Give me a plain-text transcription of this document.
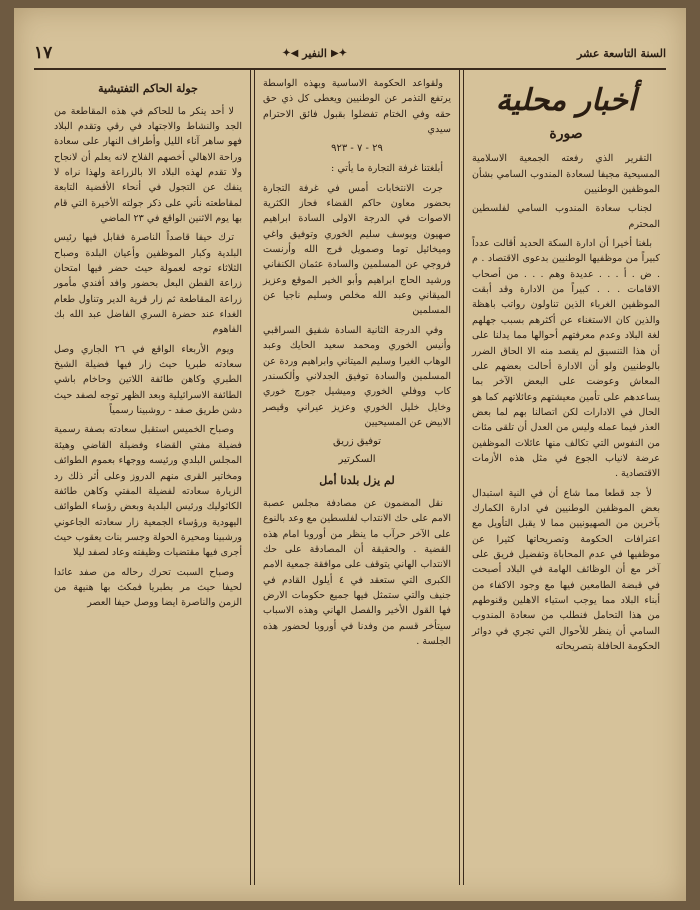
السنة التاسعة عشر
✦▶
النفير
◀✦
١٧
أخبار محلية
صورة

التقرير الذي رفعته الجمعية الاسلامية المسيحية مجيفا لسعادة المندوب السامي بشأن الموظفين الوطنيين

لجناب سعادة المندوب السامي لفلسطين المحترم

بلغنا أخيرا أن ادارة السكة الحديد أقالت عدداً كبيراً من موظفيها الوطنيين بدعوى الاقتصاد . م . ض . أ . . . عديدة وهم . . . من أصحاب الاقامات . . . كبيراً من الادارة وقد أبقت الموظفين الغرباء الذين تناولون رواتب باهظة والذين كان الاستغناء عن أكثرهم بسبب جهلهم لغة البلاد وعدم معرفتهم أحوالها مما يدلنا على أن هذا التنسيق لم يقصد منه الا الحاق الضرر بالوطنيين ولو أن الادارة أحالت بعضهم على المعاش وعوضت على البعض الآخر بما يساعدهم على تأمين معيشتهم وعائلاتهم كما هو الحال في الادارات لكن اتصالنا بهم لما بعض العذر فيما عمله وليس من العدل أن تلقى مئات من النفوس التي تكالف منها عائلات الموظفين عرضة لانياب الجوع في مثل هذه الأزمات الاقتصادية .

لأ جد قطعا مما شاع أن في النية استبدال بعض الموظفين الوطنيين في ادارة الكمارك بآخرين من الصهيونيين مما لا يقبل التأويل مع اعترافات الحكومة وتصريحاتها كثيرا عن موظفيها في عدم المحاباة وتفضيل فريق على آخر مع أن الوظائف الهامة في البلاد أصبحت في قبضة الطامعين فيها مع وجود الاكفاء من أبناء البلاد مما يوجب استياء الاهلين وقنوطهم من هذا التحامل فنطلب من سعادة المندوب السامي أن ينظر للأحوال التي تجري في دوائر الحكومة الحافلة بتصريحاته

ولقواعد الحكومة الاساسية وبهذه الواسطة يرتفع التذمر عن الوطنيين ويعطى كل ذي حق حقه وفي الختام تفضلوا بقبول فائق الاحترام سيدي

٢٩ - ٧ - ٩٢٣

أبلغتنا غرفة التجارة ما يأتي :

جرت الانتخابات أمس في غرفة التجارة بحضور معاون حاكم القضاء فحاز الكثرية الاصوات في الدرجة الاولى السادة ابراهيم صهيون ويوسف سليم الخوري وتوفيق واغي وميخائيل توما وصمويل فرج الله وأرنست فروجي عن المسلمين والسادة عثمان الكنفاني ورشيد الحاج ابراهيم وأبو الخير الموقع وعزيز الميقاني وعبد الله مخلص وسليم ناجيا عن المسلمين

وفي الدرجة الثانية السادة شفيق السراقبي وأنيس الخوري ومحمد سعيد الحايك وعبد الوهاب الغيرا وسليم الميتاني وابراهيم وردة عن المسلمين والسادة توفيق الجدلاني وألكسندر كاب ووفلي الخوري وميشيل جورج خوري وخايل خليل الخوري وعزيز عيراني وقيصر الابيض عن المسيحيين

توفيق زريق
السكرتير
لم يزل بلدنا أمل

نقل المضمون عن مصادفة مجلس عصبة الامم على حك الانتداب لفلسطين مع وعد بالنوع على الآخر حرآب ما ينظر من أوروبا امام هذه القضية . والحقيقة أن المصادقة على حك الانتداب الهاني يتوقف على موافقة جمعية الامم الكبرى التي ستعقد في ٤ أيلول القادم في جنيف والتي ستمثل فيها جميع حكومات الارض فها القول الأخير والفصل الهاني وهذه الاسباب سيتأخر قسم من وفدنا في أوروبا لحضور هذه الجلسة .

جولة الحاكم التفتيشية

لا أحد ينكر ما للحاكم في هذه المقاطعة من الجد والنشاط والاجتهاد في رقي وتقدم البلاد فهو ساهر آناء الليل وأطراف النهار على سعادة وراحة الاهالي أخصهم الفلاح لانه يعلم أن لانجاح ولا تقدم لهذه البلاد الا بالزراعة ولهذا نراه لا ينفك عن التجول في أنحاء الأقضية التابعة لمقاطعته نأتي على ذكر جولته الأخيرة التي قام بها يوم الاثنين الواقع في ٢٣ الماضي

ترك حيفا قاصداً الناصرة فقابل فيها رئيس البلدية وكبار الموظفين وأعيان البلدة وصباح الثلاثاء توجه لعمولة حيث حضر فيها امتحان زراعة القطن البعل بحضور وافد أفندي مأمور زراعة المقاطعة ثم زار قرية الدير وتناول طعام الغداء عند حضرة السري الفاضل عبد الله بك الفاهوم

ويوم الأربعاء الواقع في ٢٦ الجاري وصل سعادته طبريا حيث زار فيها فضيلة الشيخ الطبري وكاهن طائفة اللاتين وحاخام باشي الطائفة الاسرائيلية وبعد الظهر توجه لصفد حيث دشن طريق صفد - روشبينا رسمياً

وصباح الخميس استقبل سعادته بصفة رسمية فضيلة مفتي القضاء وفضيلة القاضي وهيئة المجلس البلدي ورئيسه ووجهاء بعموم الطوائف ومخاتير القرى منهم الدروز وعلى أثر ذلك رد الزيارة سعادته لفضيلة المفتي وكاهن طائفة الكاثوليك ورئيس البلدية وبعض رؤساء الطوائف اليهودية ورؤساء الجمعية زار سعادته الجاعوني ورشبينا ومحيرة الحولة وجسر بنات يعقوب حيث أجرى فيها مقتضيات وظيفته وعاد لصفد ليلا

وصباح السبت تحرك رحاله من صفد عائدا لحيفا حيث مر بطبريا فمكث بها هنيهة من الزمن والناصرة ايضا ووصل حيفا العصر
